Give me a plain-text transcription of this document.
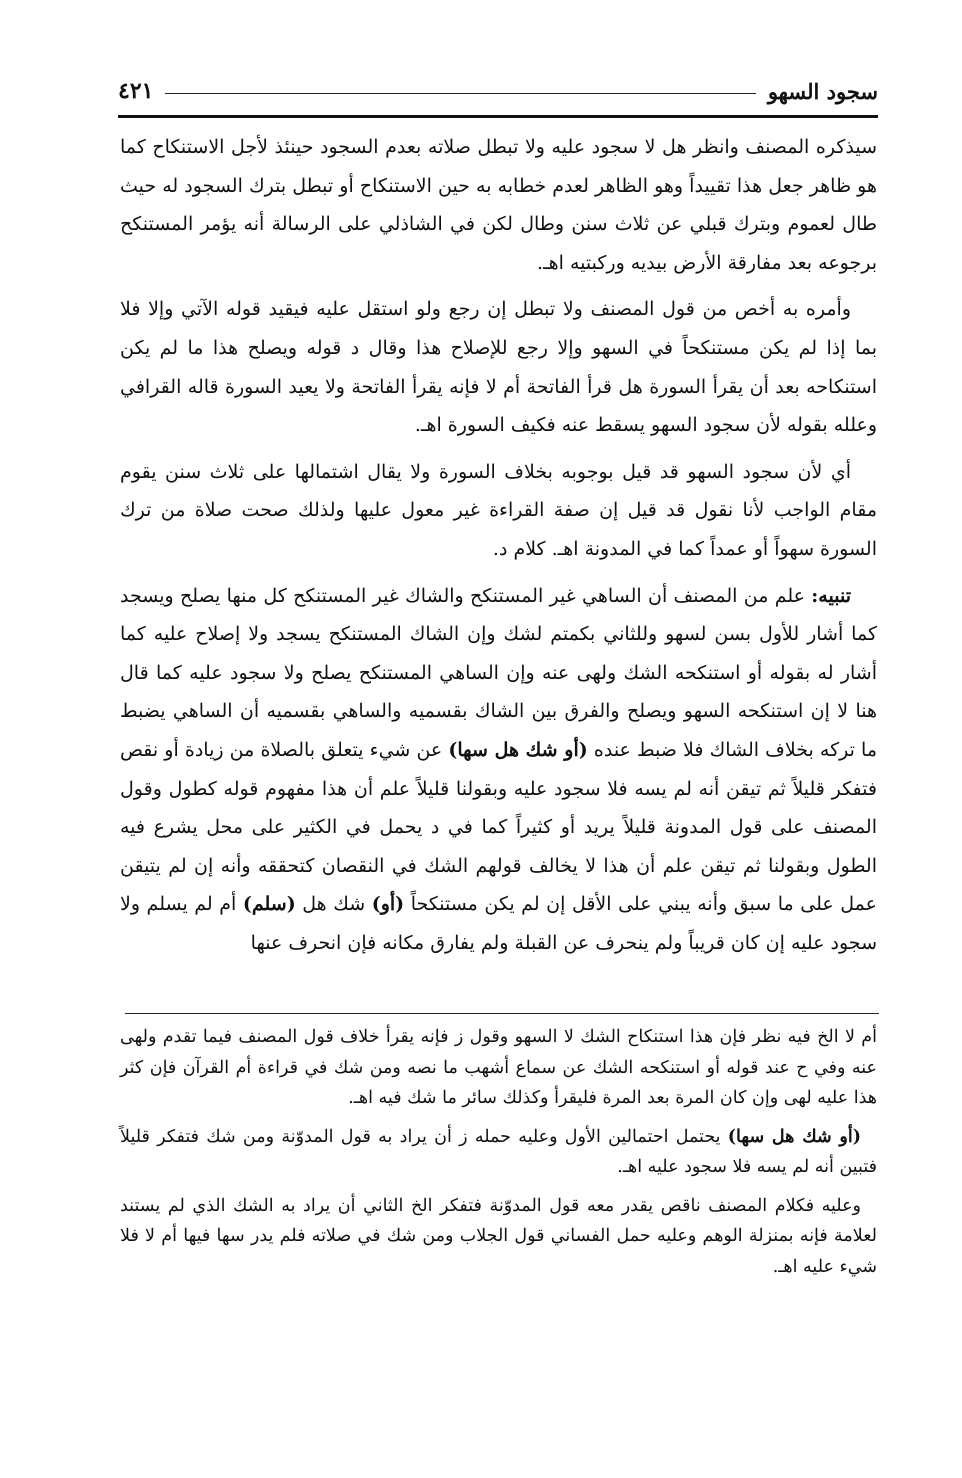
سجود السهو
٤٢١

سيذكره المصنف وانظر هل لا سجود عليه ولا تبطل صلاته بعدم السجود حينئذ لأجل الاستنكاح كما هو ظاهر جعل هذا تقييداً وهو الظاهر لعدم خطابه به حين الاستنكاح أو تبطل بترك السجود له حيث طال لعموم وبترك قبلي عن ثلاث سنن وطال لكن في الشاذلي على الرسالة أنه يؤمر المستنكح برجوعه بعد مفارقة الأرض بيديه وركبتيه اهـ.

وأمره به أخص من قول المصنف ولا تبطل إن رجع ولو استقل عليه فيقيد قوله الآتي وإلا فلا بما إذا لم يكن مستنكحاً في السهو وإلا رجع للإصلاح هذا وقال د قوله ويصلح هذا ما لم يكن استنكاحه بعد أن يقرأ السورة هل قرأ الفاتحة أم لا فإنه يقرأ الفاتحة ولا يعيد السورة قاله القرافي وعلله بقوله لأن سجود السهو يسقط عنه فكيف السورة اهـ.

أي لأن سجود السهو قد قيل بوجوبه بخلاف السورة ولا يقال اشتمالها على ثلاث سنن يقوم مقام الواجب لأنا نقول قد قيل إن صفة القراءة غير معول عليها ولذلك صحت صلاة من ترك السورة سهواً أو عمداً كما في المدونة اهـ. كلام د.

تنبيه: علم من المصنف أن الساهي غير المستنكح والشاك غير المستنكح كل منها يصلح ويسجد كما أشار للأول بسن لسهو وللثاني بكمتم لشك وإن الشاك المستنكح يسجد ولا إصلاح عليه كما أشار له بقوله أو استنكحه الشك ولهى عنه وإن الساهي المستنكح يصلح ولا سجود عليه كما قال هنا لا إن استنكحه السهو ويصلح والفرق بين الشاك بقسميه والساهي بقسميه أن الساهي يضبط ما تركه بخلاف الشاك فلا ضبط عنده (أو شك هل سها) عن شيء يتعلق بالصلاة من زيادة أو نقص فتفكر قليلاً ثم تيقن أنه لم يسه فلا سجود عليه وبقولنا قليلاً علم أن هذا مفهوم قوله كطول وقول المصنف على قول المدونة قليلاً يريد أو كثيراً كما في د يحمل في الكثير على محل يشرع فيه الطول وبقولنا ثم تيقن علم أن هذا لا يخالف قولهم الشك في النقصان كتحققه وأنه إن لم يتيقن عمل على ما سبق وأنه يبني على الأقل إن لم يكن مستنكحاً (أو) شك هل (سلم) أم لم يسلم ولا سجود عليه إن كان قريباً ولم ينحرف عن القبلة ولم يفارق مكانه فإن انحرف عنها

أم لا الخ فيه نظر فإن هذا استنكاح الشك لا السهو وقول ز فإنه يقرأ خلاف قول المصنف فيما تقدم ولهى عنه وفي ح عند قوله أو استنكحه الشك عن سماع أشهب ما نصه ومن شك في قراءة أم القرآن فإن كثر هذا عليه لهى وإن كان المرة بعد المرة فليقرأ وكذلك سائر ما شك فيه اهـ.

(أو شك هل سها) يحتمل احتمالين الأول وعليه حمله ز أن يراد به قول المدوّنة ومن شك فتفكر قليلاً فتبين أنه لم يسه فلا سجود عليه اهـ.

وعليه فكلام المصنف ناقص يقدر معه قول المدوّنة فتفكر الخ الثاني أن يراد به الشك الذي لم يستند لعلامة فإنه بمنزلة الوهم وعليه حمل الفساني قول الجلاب ومن شك في صلاته فلم يدر سها فيها أم لا فلا شيء عليه اهـ.
